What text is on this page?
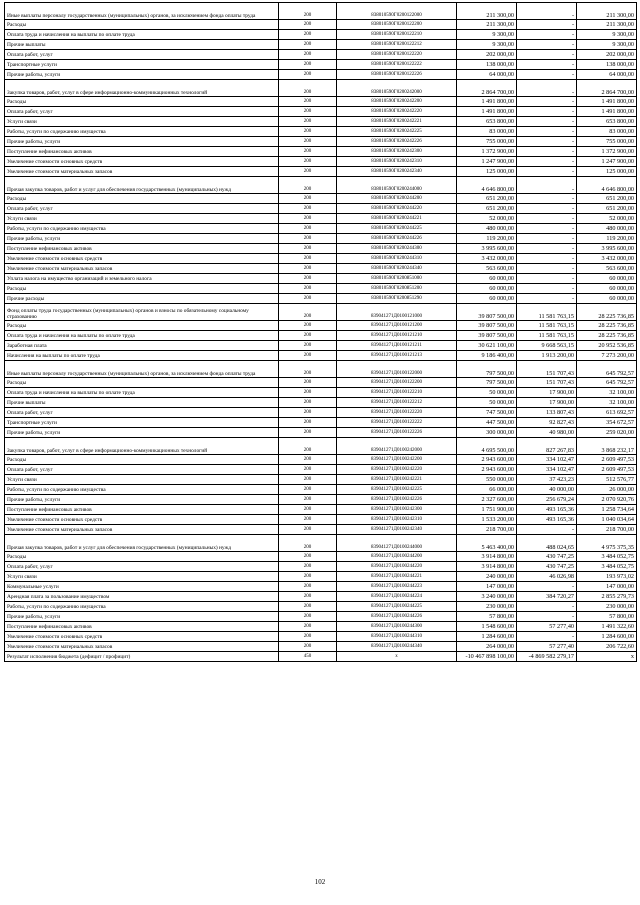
Иные выплаты персоналу государственных (муниципальных) органов, за исключением фонда оплаты труда	200	838010590Г0200122000	211 300,00	-	211 300,00
Расходы	200	838010590Г0200122200	211 300,00	-	211 300,00
Оплата труда и начисления на выплаты по оплате труда	200	838010590Г0200122210	9 300,00	-	9 300,00
Прочие выплаты	200	838010590Г0200122212	9 300,00	-	9 300,00
Оплата работ, услуг	200	838010590Г0200122220	202 000,00	-	202 000,00
Транспортные услуги	200	838010590Г0200122222	138 000,00	-	138 000,00
Прочие работы, услуги	200	838010590Г0200122226	64 000,00	-	64 000,00
Закупка товаров, работ, услуг в сфере информационно-коммуникационных технологий	200	838010590Г0200242000	2 864 700,00	-	2 864 700,00
Расходы	200	838010590Г0200242200	1 491 800,00	-	1 491 800,00
Оплата работ, услуг	200	838010590Г0200242220	1 491 800,00	-	1 491 800,00
Услуги связи	200	838010590Г0200242221	653 800,00	-	653 800,00
Работы, услуги по содержанию имущества	200	838010590Г0200242225	83 000,00	-	83 000,00
Прочие работы, услуги	200	838010590Г0200242226	755 000,00	-	755 000,00
Поступление нефинансовых активов	200	838010590Г0200242300	1 372 900,00	-	1 372 900,00
Увеличение стоимости основных средств	200	838010590Г0200242310	1 247 900,00	-	1 247 900,00
Увеличение стоимости материальных запасов	200	838010590Г0200242340	125 000,00	-	125 000,00
Прочая закупка товаров, работ и услуг для обеспечения государственных (муниципальных) нужд	200	838010590Г0200244000	4 646 800,00	-	4 646 800,00
Расходы	200	838010590Г0200244200	651 200,00	-	651 200,00
Оплата работ, услуг	200	838010590Г0200244220	651 200,00	-	651 200,00
Услуги связи	200	838010590Г0200244221	52 000,00	-	52 000,00
Работы, услуги по содержанию имущества	200	838010590Г0200244225	480 000,00	-	480 000,00
Прочие работы, услуги	200	838010590Г0200244226	119 200,00	-	119 200,00
Поступление нефинансовых активов	200	838010590Г0200244300	3 995 600,00	-	3 995 600,00
Увеличение стоимости основных средств	200	838010590Г0200244310	3 432 000,00	-	3 432 000,00
Увеличение стоимости материальных запасов	200	838010590Г0200244340	563 600,00	-	563 600,00
Уплата налога на имущество организаций и земельного налога	200	838010590Г0200851000	60 000,00	-	60 000,00
Расходы	200	838010590Г0200851200	60 000,00	-	60 000,00
Прочие расходы	200	838010590Г0200851290	60 000,00	-	60 000,00
Фонд оплаты труда государственных (муниципальных) органов и взносы по обязательному социальному страхованию	200	839041271Д0100121000	39 807 500,00	11 581 763,15	28 225 736,85
Расходы	200	839041271Д0100121200	39 807 500,00	11 581 763,15	28 225 736,85
Оплата труда и начисления на выплаты по оплате труда	200	839041271Д0100121210	39 807 500,00	11 581 763,15	28 225 736,85
Заработная плата	200	839041271Д0100121211	30 621 100,00	9 668 563,15	20 952 536,85
Начисления на выплаты по оплате труда	200	839041271Д0100121213	9 186 400,00	1 913 200,00	7 273 200,00
Иные выплаты персоналу государственных (муниципальных) органов, за исключением фонда оплаты труда	200	839041271Д0100122000	797 500,00	151 707,43	645 792,57
Расходы	200	839041271Д0100122200	797 500,00	151 707,43	645 792,57
Оплата труда и начисления на выплаты по оплате труда	200	839041271Д0100122210	50 000,00	17 900,00	32 100,00
Прочие выплаты	200	839041271Д0100122212	50 000,00	17 900,00	32 100,00
Оплата работ, услуг	200	839041271Д0100122220	747 500,00	133 807,43	613 692,57
Транспортные услуги	200	839041271Д0100122222	447 500,00	92 827,43	354 672,57
Прочие работы, услуги	200	839041271Д0100122226	300 000,00	40 980,00	259 020,00
Закупка товаров, работ, услуг в сфере информационно-коммуникационных технологий	200	839041271Д0100242000	4 695 500,00	827 267,83	3 868 232,17
Расходы	200	839041271Д0100242200	2 943 600,00	334 102,47	2 609 497,53
Оплата работ, услуг	200	839041271Д0100242220	2 943 600,00	334 102,47	2 609 497,53
Услуги связи	200	839041271Д0100242221	550 000,00	37 423,23	512 576,77
Работы, услуги по содержанию имущества	200	839041271Д0100242225	66 000,00	40 000,00	26 000,00
Прочие работы, услуги	200	839041271Д0100242226	2 327 600,00	256 679,24	2 070 920,76
Поступление нефинансовых активов	200	839041271Д0100242300	1 751 900,00	493 165,36	1 258 734,64
Увеличение стоимости основных средств	200	839041271Д0100242310	1 533 200,00	493 165,36	1 040 034,64
Увеличение стоимости материальных запасов	200	839041271Д0100242340	218 700,00	-	218 700,00
Прочая закупка товаров, работ и услуг для обеспечения государственных (муниципальных) нужд	200	839041271Д0100244000	5 463 400,00	488 024,65	4 975 375,35
Расходы	200	839041271Д0100244200	3 914 800,00	430 747,25	3 484 052,75
Оплата работ, услуг	200	839041271Д0100244220	3 914 800,00	430 747,25	3 484 052,75
Услуги связи	200	839041271Д0100244221	240 000,00	46 026,98	193 973,02
Коммунальные услуги	200	839041271Д0100244223	147 000,00	-	147 000,00
Арендная плата за пользование имуществом	200	839041271Д0100244224	3 240 000,00	384 720,27	2 855 279,73
Работы, услуги по содержанию имущества	200	839041271Д0100244225	230 000,00	-	230 000,00
Прочие работы, услуги	200	839041271Д0100244226	57 800,00	-	57 800,00
Поступление нефинансовых активов	200	839041271Д0100244300	1 548 600,00	57 277,40	1 491 322,60
Увеличение стоимости основных средств	200	839041271Д0100244310	1 284 600,00	-	1 284 600,00
Увеличение стоимости материальных запасов	200	839041271Д0100244340	264 000,00	57 277,40	206 722,60
Результат исполнения бюджета (дефицит / профицит)	450	x	-10 467 898 100,00	-4 869 582 279,17	x
102
